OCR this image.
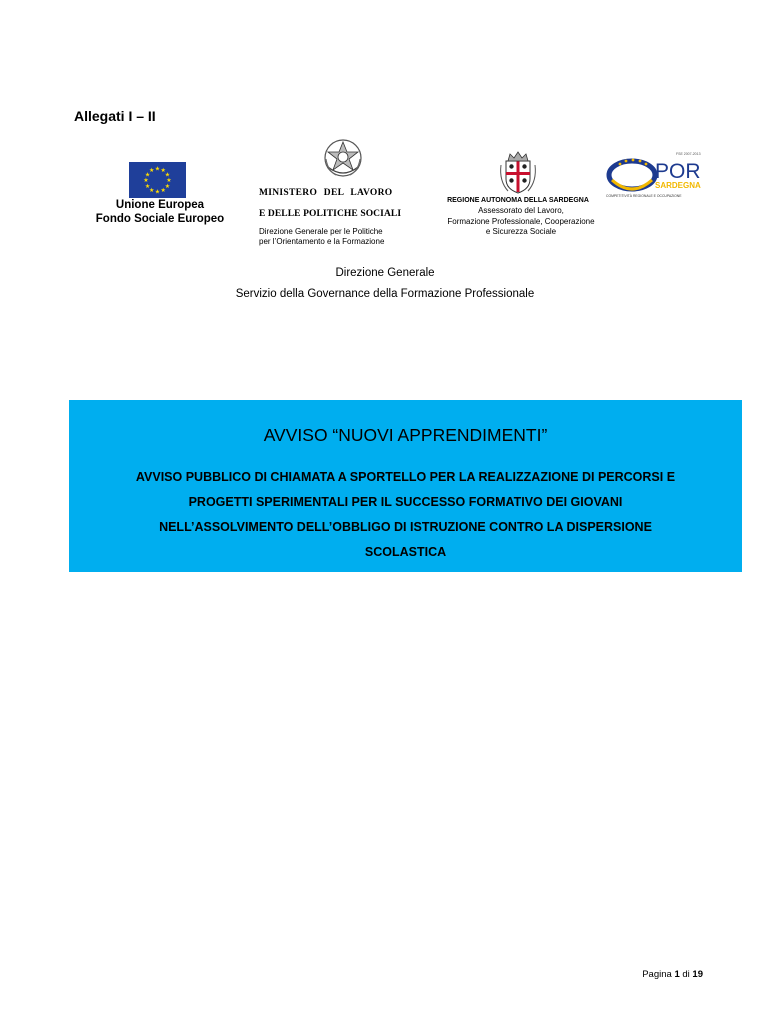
Allegati I – II
★ ★
★
★
★
★
★
★
★
★
★
★
Unione Europea
Fondo Sociale Europeo
MINISTERO DEL LAVORO
E DELLE POLITICHE SOCIALI
Direzione Generale per le Politiche
per l’Orientamento e la Formazione
REGIONE AUTONOMA DELLA SARDEGNA
Assessorato del Lavoro,
Formazione Professionale, Cooperazione
e Sicurezza Sociale
POR
SARDEGNA
FSE 2007-2013
COMPETITIVITÀ REGIONALE E OCCUPAZIONE
Direzione Generale
Servizio della Governance della Formazione Professionale
AVVISO “NUOVI APPRENDIMENTI”
AVVISO PUBBLICO DI CHIAMATA A SPORTELLO PER LA REALIZZAZIONE DI PERCORSI E
PROGETTI SPERIMENTALI PER IL SUCCESSO FORMATIVO DEI GIOVANI
NELL’ASSOLVIMENTO DELL’OBBLIGO DI ISTRUZIONE CONTRO LA DISPERSIONE
SCOLASTICA
Pagina 1 di 19
